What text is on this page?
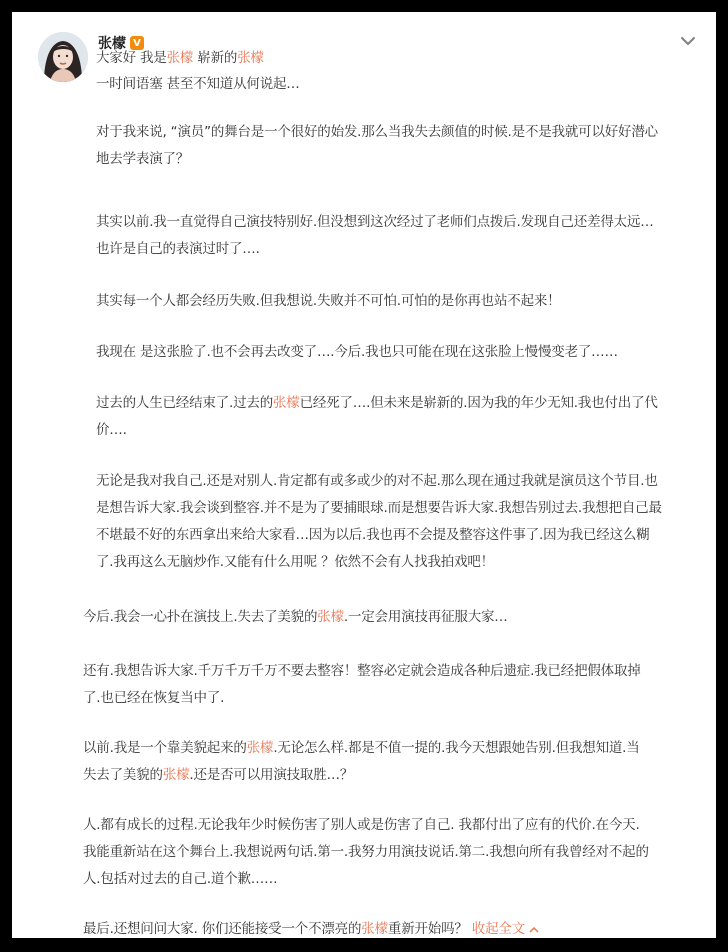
张檬 V

大家好 我是张檬 崭新的张檬

一时间语塞 甚至不知道从何说起…

对于我来说, “演员”的舞台是一个很好的始发.那么当我失去颜值的时候.是不是我就可以好好潜心
地去学表演了？

其实以前.我一直觉得自己演技特别好.但没想到这次经过了老师们点拨后.发现自己还差得太远…
也许是自己的表演过时了….

其实每一个人都会经历失败.但我想说.失败并不可怕.可怕的是你再也站不起来！

我现在 是这张脸了.也不会再去改变了….今后.我也只可能在现在这张脸上慢慢变老了……

过去的人生已经结束了.过去的张檬已经死了….但未来是崭新的.因为我的年少无知.我也付出了代
价….

无论是我对我自己.还是对别人.肯定都有或多或少的对不起.那么现在通过我就是演员这个节目.也
是想告诉大家.我会谈到整容.并不是为了要捕眼球.而是想要告诉大家.我想告别过去.我想把自己最
不堪最不好的东西拿出来给大家看…因为以后.我也再不会提及整容这件事了.因为我已经这么糊
了.我再这么无脑炒作.又能有什么用呢 ？依然不会有人找我拍戏吧！

今后.我会一心扑在演技上.失去了美貌的张檬.一定会用演技再征服大家…

还有.我想告诉大家.千万千万千万不要去整容！整容必定就会造成各种后遗症.我已经把假体取掉
了.也已经在恢复当中了.

以前.我是一个靠美貌起来的张檬.无论怎么样.都是不值一提的.我今天想跟她告别.但我想知道.当
失去了美貌的张檬.还是否可以用演技取胜…？

人.都有成长的过程.无论我年少时候伤害了别人或是伤害了自己. 我都付出了应有的代价.在今天.
我能重新站在这个舞台上.我想说两句话.第一.我努力用演技说话.第二.我想向所有我曾经对不起的
人.包括对过去的自己.道个歉……

最后.还想问问大家. 你们还能接受一个不漂亮的张檬重新开始吗？ 收起全文
